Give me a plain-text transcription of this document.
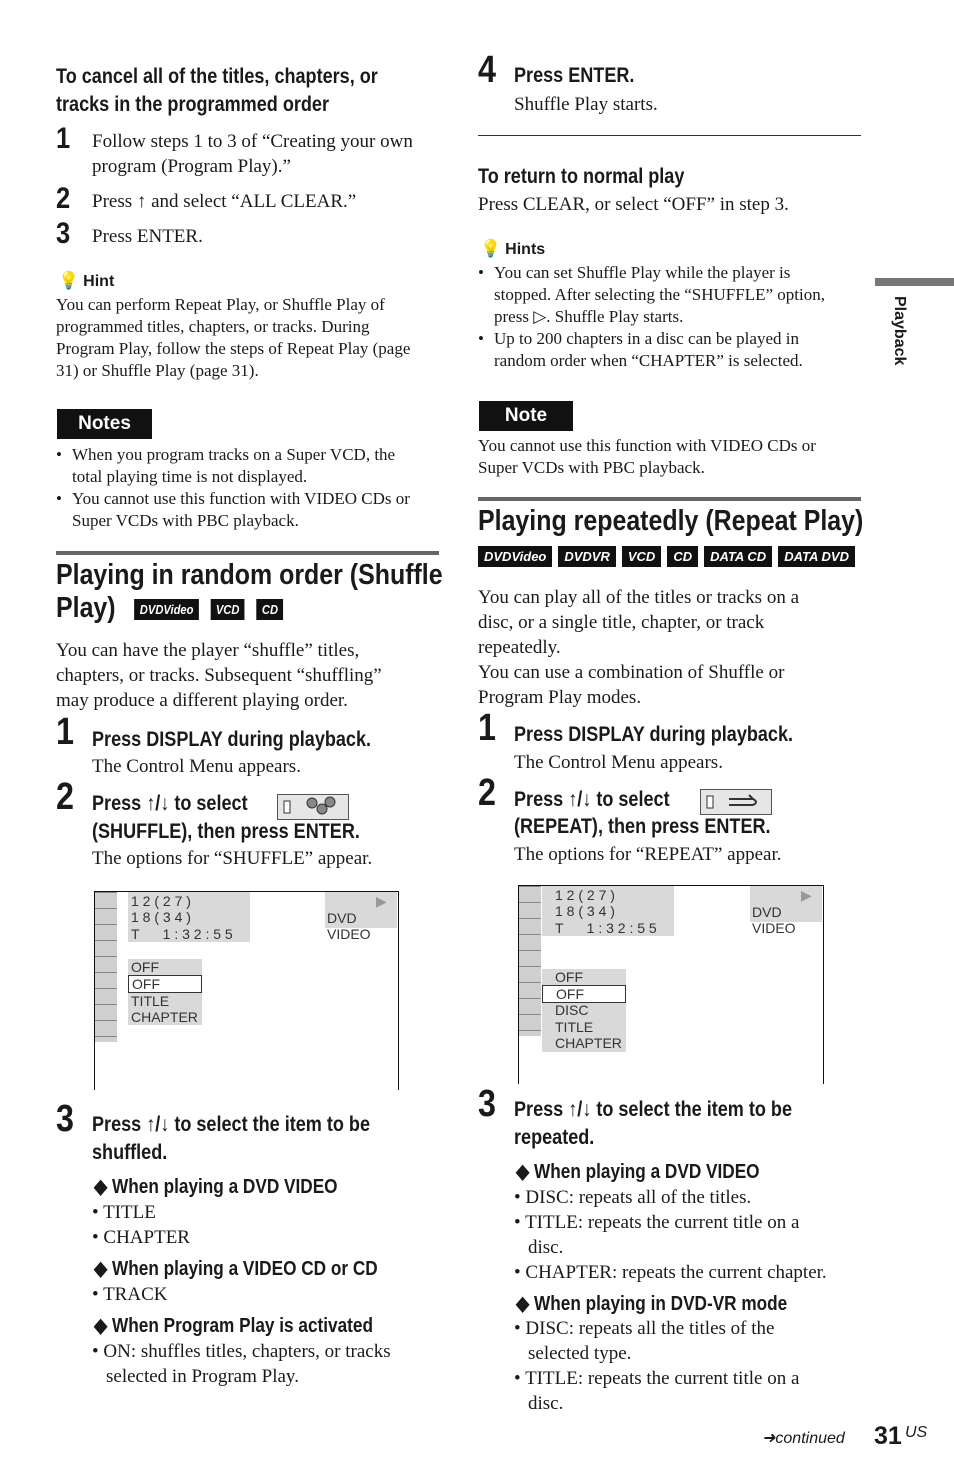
To cancel all of the titles, chapters, or
tracks in the programmed order
1 Follow steps 1 to 3 of “Creating your own
program (Program Play).”
2 Press ↑ and select “ALL CLEAR.”
3 Press ENTER.
💡 Hint
You can perform Repeat Play, or Shuffle Play of
programmed titles, chapters, or tracks. During
Program Play, follow the steps of Repeat Play (page
31) or Shuffle Play (page 31).
Notes
• When you program tracks on a Super VCD, the
total playing time is not displayed.
• You cannot use this function with VIDEO CDs or
Super VCDs with PBC playback.
Playing in random order (Shuffle
Play) DVDVideo VCD CD
You can have the player “shuffle” titles,
chapters, or tracks. Subsequent “shuffling”
may produce a different playing order.
1 Press DISPLAY during playback.
The Control Menu appears.
2 Press ↑/↓ to select
(SHUFFLE), then press ENTER.
The options for “SHUFFLE” appear.
1 2 ( 2 7 )
1 8 ( 3 4 )
T      1 : 3 2 : 5 5
▶
DVD VIDEO
OFF
OFF
TITLE
CHAPTER
3 Press ↑/↓ to select the item to be
shuffled.
◆ When playing a DVD VIDEO
• TITLE
• CHAPTER
◆ When playing a VIDEO CD or CD
• TRACK
◆ When Program Play is activated
• ON: shuffles titles, chapters, or tracks
selected in Program Play.
4 Press ENTER.
Shuffle Play starts.
To return to normal play
Press CLEAR, or select “OFF” in step 3.
💡 Hints
• You can set Shuffle Play while the player is
stopped. After selecting the “SHUFFLE” option,
press ▷. Shuffle Play starts.
• Up to 200 chapters in a disc can be played in
random order when “CHAPTER” is selected.
Note
You cannot use this function with VIDEO CDs or
Super VCDs with PBC playback.
Playing repeatedly (Repeat Play)
DVDVideo DVDVR VCD CD DATA CD DATA DVD
You can play all of the titles or tracks on a
disc, or a single title, chapter, or track
repeatedly.
You can use a combination of Shuffle or
Program Play modes.
1 Press DISPLAY during playback.
The Control Menu appears.
2 Press ↑/↓ to select
(REPEAT), then press ENTER.
The options for “REPEAT” appear.
1 2 ( 2 7 )
1 8 ( 3 4 )
T      1 : 3 2 : 5 5
▶
DVD VIDEO
OFF
OFF
DISC
TITLE
CHAPTER
3 Press ↑/↓ to select the item to be
repeated.
◆ When playing a DVD VIDEO
• DISC: repeats all of the titles.
• TITLE: repeats the current title on a
disc.
• CHAPTER: repeats the current chapter.
◆ When playing in DVD-VR mode
• DISC: repeats all the titles of the
selected type.
• TITLE: repeats the current title on a
disc.
Playback
➜continued 31 US
